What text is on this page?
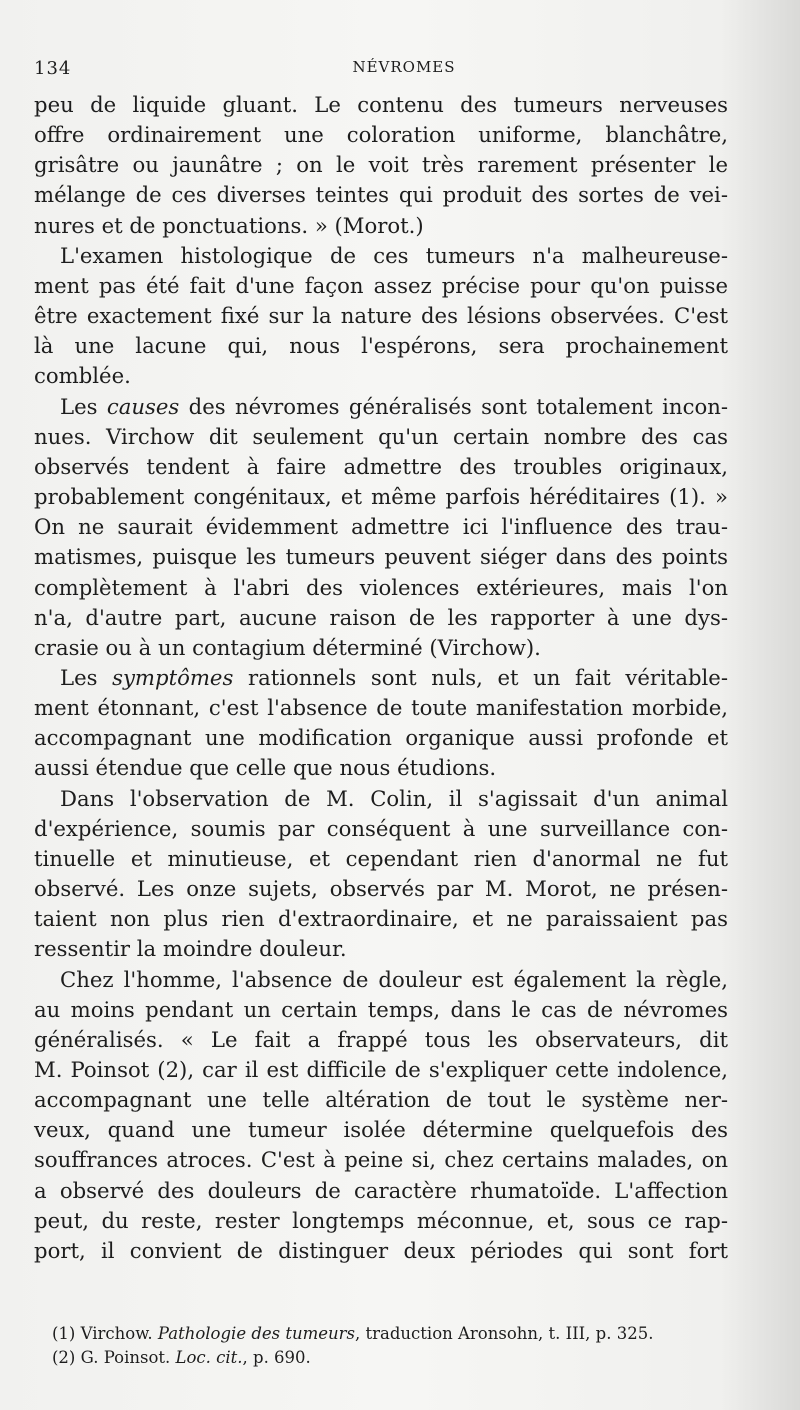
134	NÉVROMES

peu de liquide gluant. Le contenu des tumeurs nerveuses

offre ordinairement une coloration uniforme, blanchâtre,

grisâtre ou jaunâtre ; on le voit très rarement présenter le

mélange de ces diverses teintes qui produit des sortes de vei-

nures et de ponctuations. » (Morot.)

L'examen histologique de ces tumeurs n'a malheureuse-

ment pas été fait d'une façon assez précise pour qu'on puisse

être exactement fixé sur la nature des lésions observées. C'est

là une lacune qui, nous l'espérons, sera prochainement

comblée.

Les causes des névromes généralisés sont totalement incon-

nues. Virchow dit seulement qu'un certain nombre des cas

observés tendent à faire admettre des troubles originaux,

probablement congénitaux, et même parfois héréditaires (1). »

On ne saurait évidemment admettre ici l'influence des trau-

matismes, puisque les tumeurs peuvent siéger dans des points

complètement à l'abri des violences extérieures, mais l'on

n'a, d'autre part, aucune raison de les rapporter à une dys-

crasie ou à un contagium déterminé (Virchow).

Les symptômes rationnels sont nuls, et un fait véritable-

ment étonnant, c'est l'absence de toute manifestation morbide,

accompagnant une modification organique aussi profonde et

aussi étendue que celle que nous étudions.

Dans l'observation de M. Colin, il s'agissait d'un animal

d'expérience, soumis par conséquent à une surveillance con-

tinuelle et minutieuse, et cependant rien d'anormal ne fut

observé. Les onze sujets, observés par M. Morot, ne présen-

taient non plus rien d'extraordinaire, et ne paraissaient pas

ressentir la moindre douleur.

Chez l'homme, l'absence de douleur est également la règle,

au moins pendant un certain temps, dans le cas de névromes

généralisés. « Le fait a frappé tous les observateurs, dit

M. Poinsot (2), car il est difficile de s'expliquer cette indolence,

accompagnant une telle altération de tout le système ner-

veux, quand une tumeur isolée détermine quelquefois des

souffrances atroces. C'est à peine si, chez certains malades, on

a observé des douleurs de caractère rhumatoïde. L'affection

peut, du reste, rester longtemps méconnue, et, sous ce rap-

port, il convient de distinguer deux périodes qui sont fort

(1) Virchow. Pathologie des tumeurs, traduction Aronsohn, t. III, p. 325.
(2) G. Poinsot. Loc. cit., p. 690.
